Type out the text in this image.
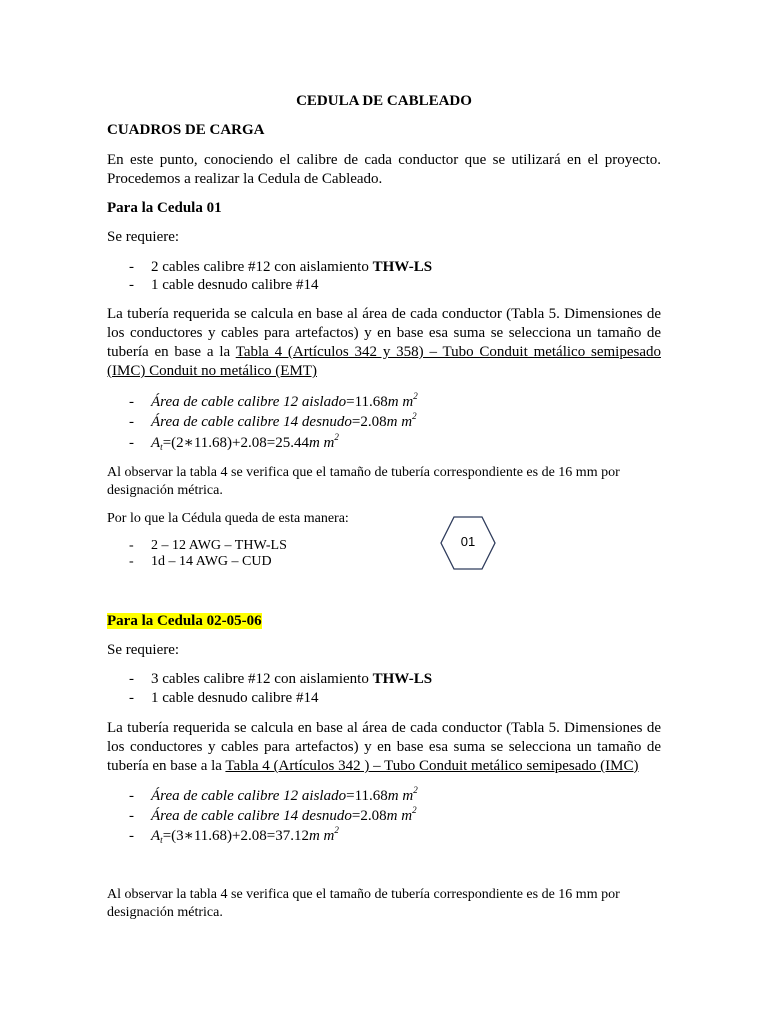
CEDULA DE CABLEADO
CUADROS DE CARGA
En este punto, conociendo el calibre de cada conductor que se utilizará en el proyecto. Procedemos a realizar la Cedula de Cableado.
Para la Cedula 01
Se requiere:
- 2 cables calibre #12 con aislamiento THW-LS
- 1 cable desnudo calibre #14
La tubería requerida se calcula en base al área de cada conductor (Tabla 5. Dimensiones de los conductores y cables para artefactos) y en base esa suma se selecciona un tamaño de tubería en base a la Tabla 4 (Artículos 342 y 358) – Tubo Conduit metálico semipesado (IMC) Conduit no metálico (EMT)
- Área de cable calibre 12 aislado=11.68m $m^2$
- Área de cable calibre 14 desnudo=2.08m $m^2$
- $A_t=(2∗11.68)+2.08=25.44m$ $m^2$
Al observar la tabla 4 se verifica que el tamaño de tubería correspondiente es de 16 mm por designación métrica.
Por lo que la Cédula queda de esta manera:
- 2 – 12 AWG – THW-LS
- 1d – 14 AWG – CUD
Para la Cedula 02-05-06
Se requiere:
- 3 cables calibre #12 con aislamiento THW-LS
- 1 cable desnudo calibre #14
La tubería requerida se calcula en base al área de cada conductor (Tabla 5. Dimensiones de los conductores y cables para artefactos) y en base esa suma se selecciona un tamaño de tubería en base a la Tabla 4 (Artículos 342 ) – Tubo Conduit metálico semipesado (IMC)
- Área de cable calibre 12 aislado=11.68m $m^2$
- Área de cable calibre 14 desnudo=2.08m $m^2$
- $A_t=(3∗11.68)+2.08=37.12m$ $m^2$
Al observar la tabla 4 se verifica que el tamaño de tubería correspondiente es de 16 mm por designación métrica.
01
